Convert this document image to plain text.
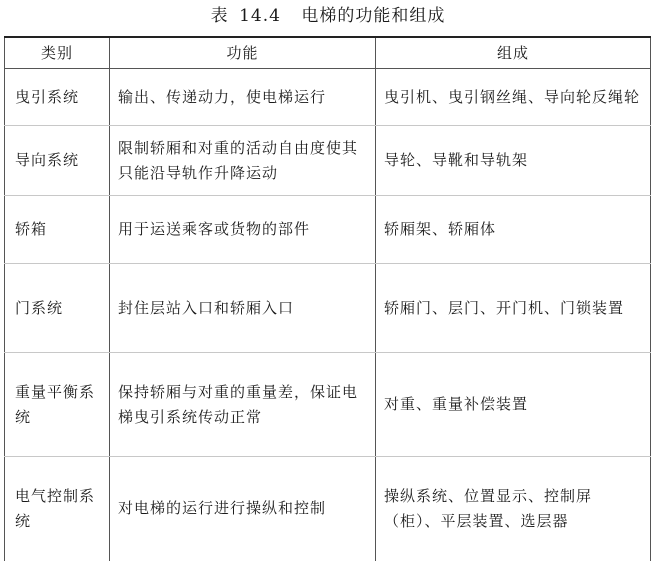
表 14.4 电梯的功能和组成
类别	功能	组成
曳引系统	输出、传递动力，使电梯运行	曳引机、曳引钢丝绳、导向轮反绳轮
导向系统	限制轿厢和对重的活动自由度使其只能沿导轨作升降运动	导轮、导靴和导轨架
轿箱	用于运送乘客或货物的部件	轿厢架、轿厢体
门系统	封住层站入口和轿厢入口	轿厢门、层门、开门机、门锁装置
重量平衡系统	保持轿厢与对重的重量差，保证电梯曳引系统传动正常	对重、重量补偿装置
电气控制系统	对电梯的运行进行操纵和控制	操纵系统、位置显示、控制屏（柜）、平层装置、选层器
